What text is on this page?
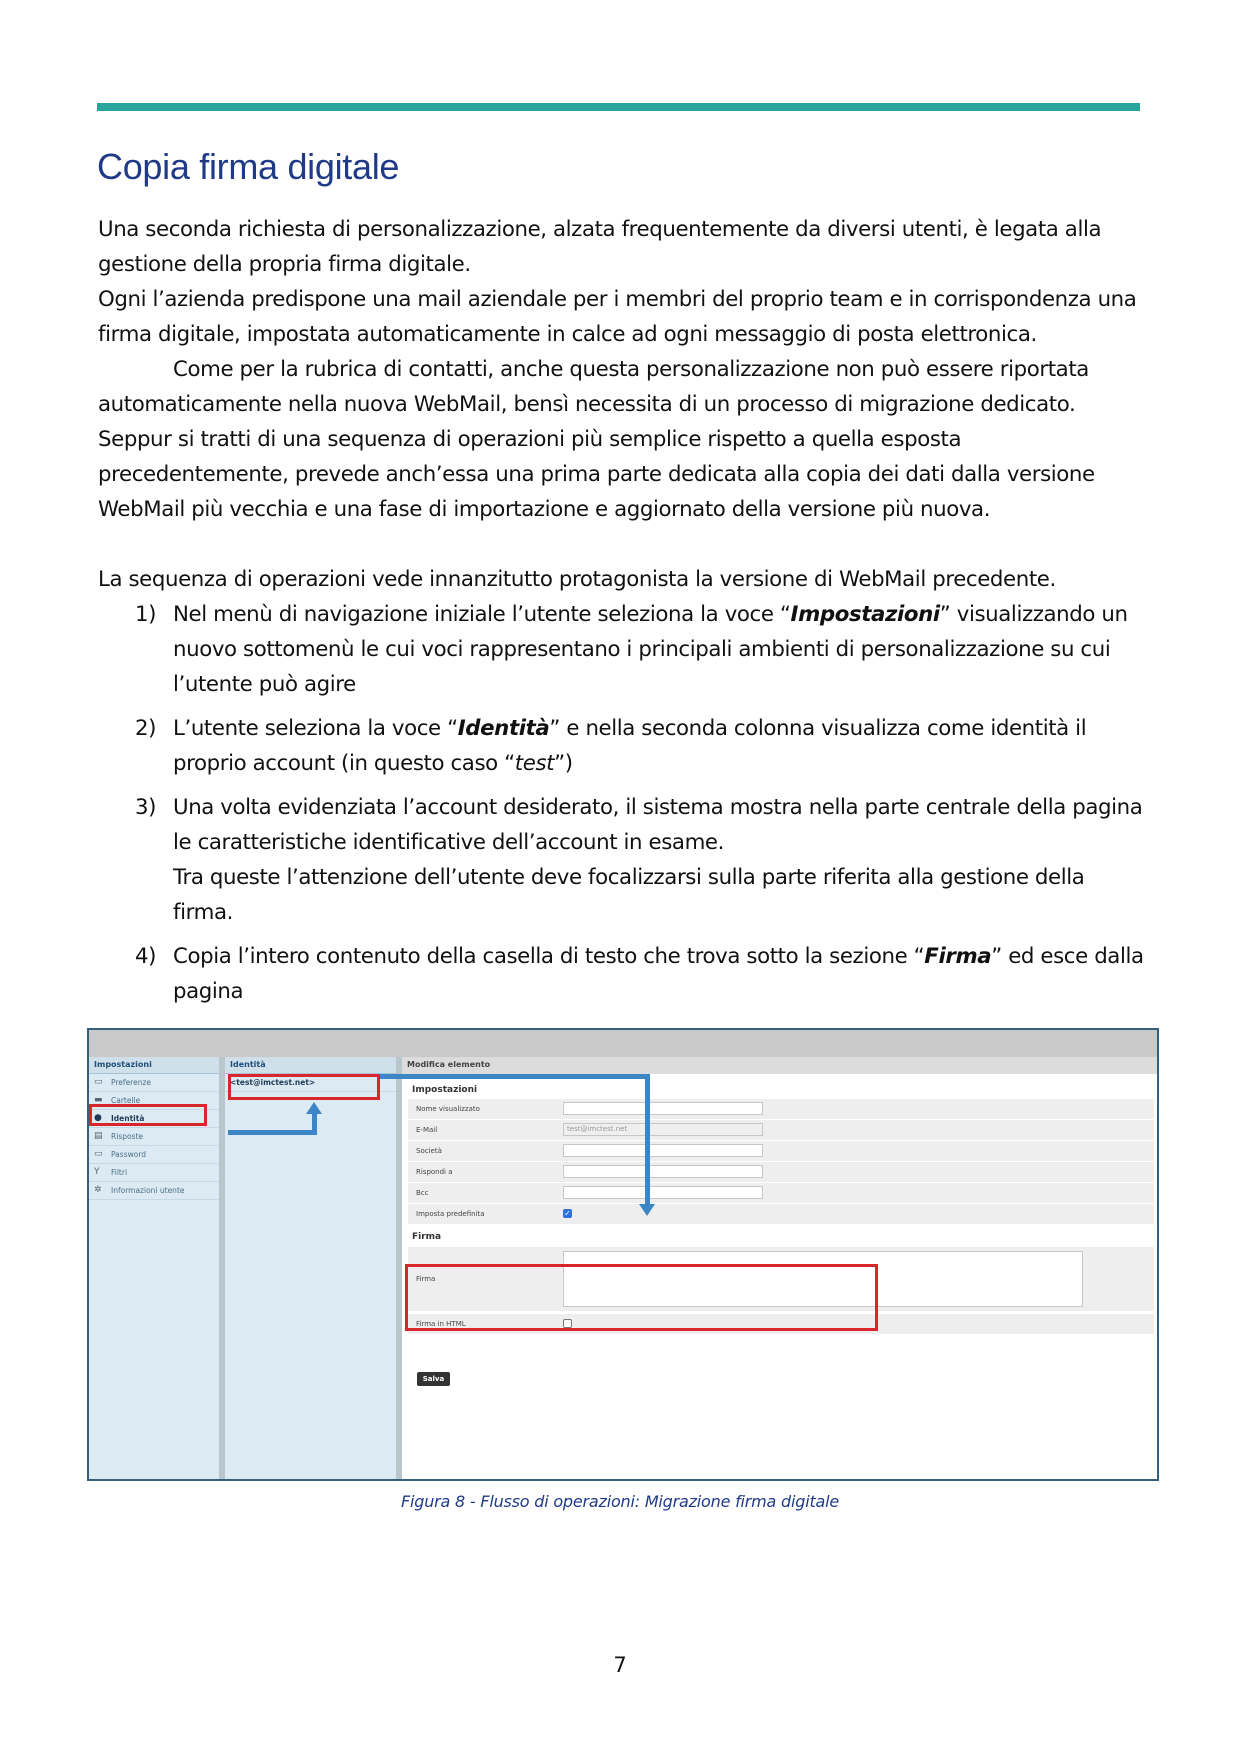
Copia firma digitale

Una seconda richiesta di personalizzazione, alzata frequentemente da diversi utenti, è legata alla gestione della propria firma digitale.

Ogni l’azienda predispone una mail aziendale per i membri del proprio team e in corrispondenza una firma digitale, impostata automaticamente in calce ad ogni messaggio di posta elettronica.

Come per la rubrica di contatti, anche questa personalizzazione non può essere riportata automaticamente nella nuova WebMail, bensì necessita di un processo di migrazione dedicato.

Seppur si tratti di una sequenza di operazioni più semplice rispetto a quella esposta precedentemente, prevede anch’essa una prima parte dedicata alla copia dei dati dalla versione WebMail più vecchia e una fase di importazione e aggiornato della versione più nuova.

La sequenza di operazioni vede innanzitutto protagonista la versione di WebMail precedente.

1) Nel menù di navigazione iniziale l’utente seleziona la voce “Impostazioni” visualizzando un nuovo sottomenù le cui voci rappresentano i principali ambienti di personalizzazione su cui l’utente può agire
2) L’utente seleziona la voce “Identità” e nella seconda colonna visualizza come identità il proprio account (in questo caso “test”)
3) Una volta evidenziata l’account desiderato, il sistema mostra nella parte centrale della pagina le caratteristiche identificative dell’account in esame.
Tra queste l’attenzione dell’utente deve focalizzarsi sulla parte riferita alla gestione della firma.
4) Copia l’intero contenuto della casella di testo che trova sotto la sezione “Firma” ed esce dalla pagina
Impostazioni
▭	Preferenze
▬	Cartelle
●	Identità
▤	Risposte
▭	Password
Y	Filtri
✲	Informazioni utente
Identità
<test@imctest.net>
Modifica elemento
Impostazioni
Nome visualizzato
E-Mail	test@imctest.net
Società
Rispondi a
Bcc
Imposta predefinita	✓
Firma
Firma
Firma in HTML
Salva
Figura 8 - Flusso di operazioni: Migrazione firma digitale
7
